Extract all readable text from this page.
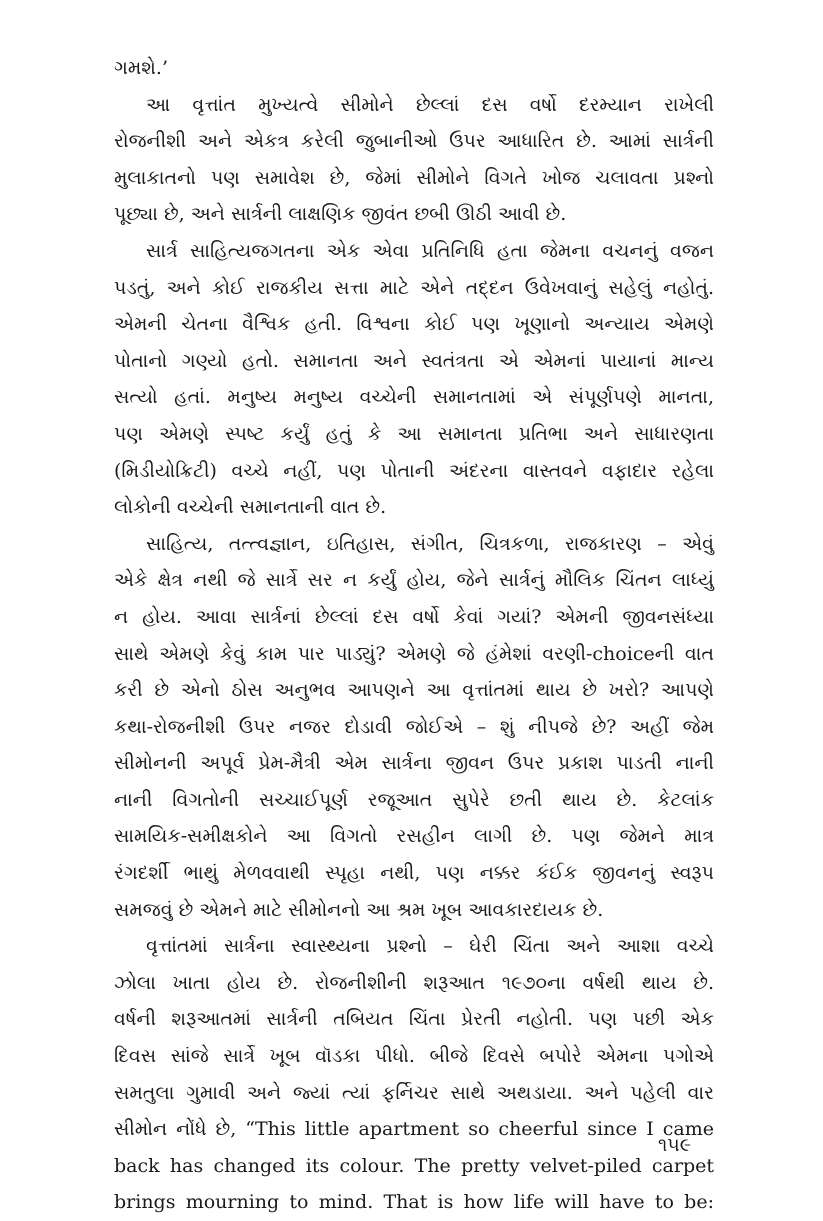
ગમશે.’
આ વૃત્તાંત મુખ્યત્વે સીમોને છેલ્લાં દસ વર્ષો દરમ્યાન રાખેલી
રોજનીશી અને એકત્ર કરેલી જુબાનીઓ ઉપર આધારિત છે. આમાં સાર્ત્રની
મુલાકાતનો પણ સમાવેશ છે, જેમાં સીમોને વિગતે ખોજ ચલાવતા પ્રશ્નો
પૂછ્યા છે, અને સાર્ત્રની લાક્ષણિક જીવંત છબી ઊઠી આવી છે.
સાર્ત્ર સાહિત્યજગતના એક એવા પ્રતિનિધિ હતા જેમના વચનનું વજન
પડતું, અને કોઈ રાજકીય સત્તા માટે એને તદ્દન ઉવેખવાનું સહેલું નહોતું.
એમની ચેતના વૈશ્વિક હતી. વિશ્વના કોઈ પણ ખૂણાનો અન્યાય એમણે
પોતાનો ગણ્યો હતો. સમાનતા અને સ્વતંત્રતા એ એમનાં પાયાનાં માન્ય
સત્યો હતાં. મનુષ્ય મનુષ્ય વચ્ચેની સમાનતામાં એ સંપૂર્ણપણે માનતા,
પણ એમણે સ્પષ્ટ કર્યું હતું કે આ સમાનતા પ્રતિભા અને સાધારણતા
(મિડીયોક્રિટી) વચ્ચે નહીં, પણ પોતાની અંદરના વાસ્તવને વફાદાર રહેલા
લોકોની વચ્ચેની સમાનતાની વાત છે.
સાહિત્ય, તત્ત્વજ્ઞાન, ઇતિહાસ, સંગીત, ચિત્રકળા, રાજકારણ – એવું
એકે ક્ષેત્ર નથી જે સાર્ત્રે સર ન કર્યું હોય, જેને સાર્ત્રનું મૌલિક ચિંતન લાધ્યું
ન હોય. આવા સાર્ત્રનાં છેલ્લાં દસ વર્ષો કેવાં ગયાં? એમની જીવનસંધ્યા
સાથે એમણે કેવું કામ પાર પાડ્યું? એમણે જે હંમેશાં વરણી-choiceની વાત
કરી છે એનો ઠોસ અનુભવ આપણને આ વૃત્તાંતમાં થાય છે ખરો? આપણે
કથા-રોજનીશી ઉપર નજર દોડાવી જોઈએ – શું નીપજે છે? અહીં જેમ
સીમોનની અપૂર્વ પ્રેમ-મૈત્રી એમ સાર્ત્રના જીવન ઉપર પ્રકાશ પાડતી નાની
નાની વિગતોની સચ્ચાઈપૂર્ણ રજૂઆત સુપેરે છતી થાય છે. કેટલાંક
સામયિક-સમીક્ષકોને આ વિગતો રસહીન લાગી છે. પણ જેમને માત્ર
રંગદર્શી ભાથું મેળવવાથી સ્પૃહા નથી, પણ નક્કર કંઈક જીવનનું સ્વરૂપ
સમજવું છે એમને માટે સીમોનનો આ શ્રમ ખૂબ આવકારદાયક છે.
વૃત્તાંતમાં સાર્ત્રના સ્વાસ્થ્યના પ્રશ્નો – ઘેરી ચિંતા અને આશા વચ્ચે
ઝોલા ખાતા હોય છે. રોજનીશીની શરૂઆત ૧૯૭૦ના વર્ષથી થાય છે.
વર્ષની શરૂઆતમાં સાર્ત્રની તબિયત ચિંતા પ્રેરતી નહોતી. પણ પછી એક
દિવસ સાંજે સાર્ત્રે ખૂબ વૉડકા પીધો. બીજે દિવસે બપોરે એમના પગોએ
સમતુલા ગુમાવી અને જ્યાં ત્યાં ફર્નિચર સાથે અથડાયા. અને પહેલી વાર
સીમોન નોંધે છે, “This little apartment so cheerful since I came
back has changed its colour. The pretty velvet-piled carpet
brings mourning to mind. That is how life will have to be:
૧૫૯
